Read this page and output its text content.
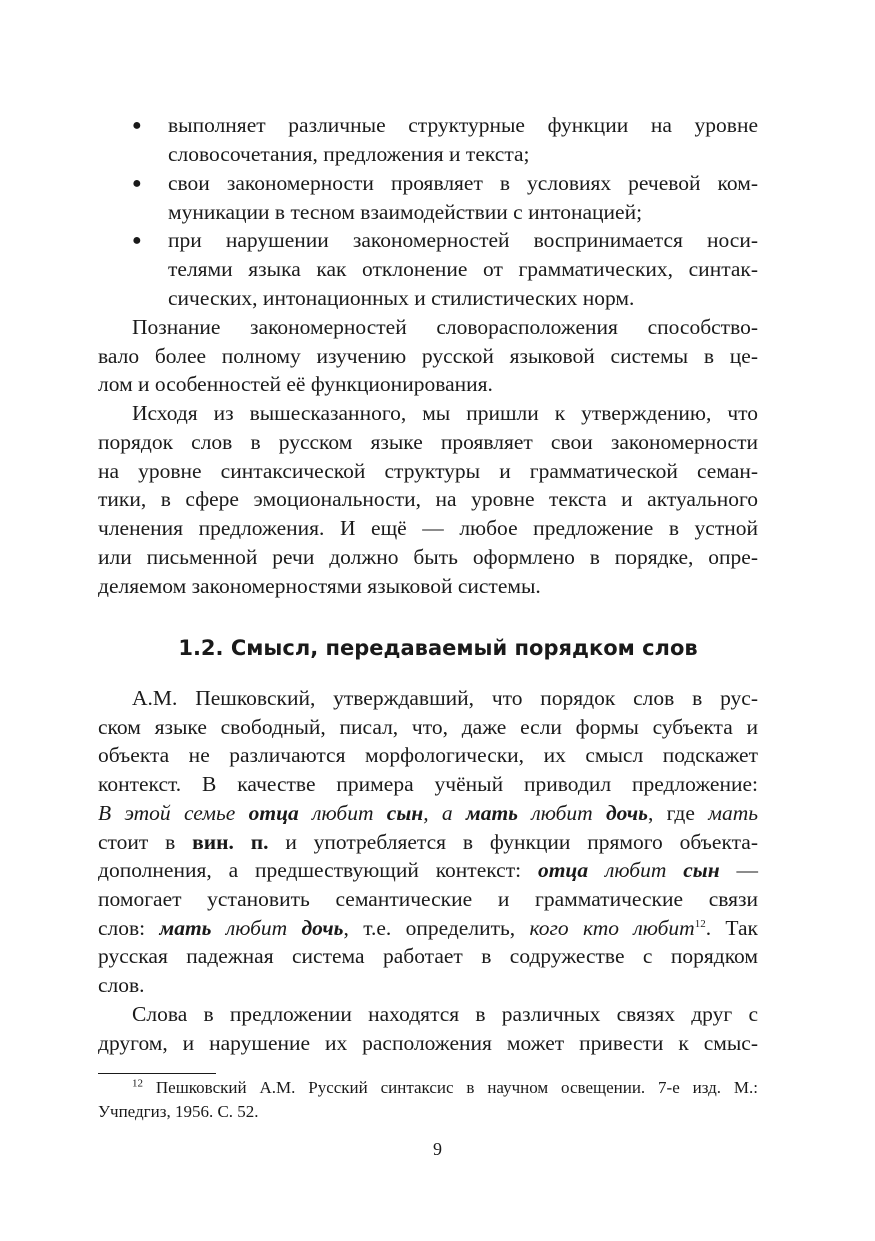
● выполняет различные структурные функции на уровне
словосочетания, предложения и текста;
● свои закономерности проявляет в условиях речевой ком-
муникации в тесном взаимодействии с интонацией;
● при нарушении закономерностей воспринимается носи-
телями языка как отклонение от грамматических, синтак-
сических, интонационных и стилистических норм.
Познание закономерностей словорасположения способство-
вало более полному изучению русской языковой системы в це-
лом и особенностей её функционирования.
Исходя из вышесказанного, мы пришли к утверждению, что
порядок слов в русском языке проявляет свои закономерности
на уровне синтаксической структуры и грамматической семан-
тики, в сфере эмоциональности, на уровне текста и актуального
членения предложения. И ещё — любое предложение в устной
или письменной речи должно быть оформлено в порядке, опре-
деляемом закономерностями языковой системы.
1.2. Смысл, передаваемый порядком слов
А.М. Пешковский, утверждавший, что порядок слов в рус-
ском языке свободный, писал, что, даже если формы субъекта и
объекта не различаются морфологически, их смысл подскажет
контекст. В качестве примера учёный приводил предложение:
В этой семье отца любит сын, а мать любит дочь, где мать
стоит в вин. п. и употребляется в функции прямого объекта-
дополнения, а предшествующий контекст: отца любит сын —
помогает установить семантические и грамматические связи
слов: мать любит дочь, т.е. определить, кого кто любит$^{12}$. Так
русская падежная система работает в содружестве с порядком
слов.
Слова в предложении находятся в различных связях друг с
другом, и нарушение их расположения может привести к смыс-
$^{12}$ Пешковский А.М. Русский синтаксис в научном освещении. 7-е изд. М.:
Учпедгиз, 1956. С. 52.
9
